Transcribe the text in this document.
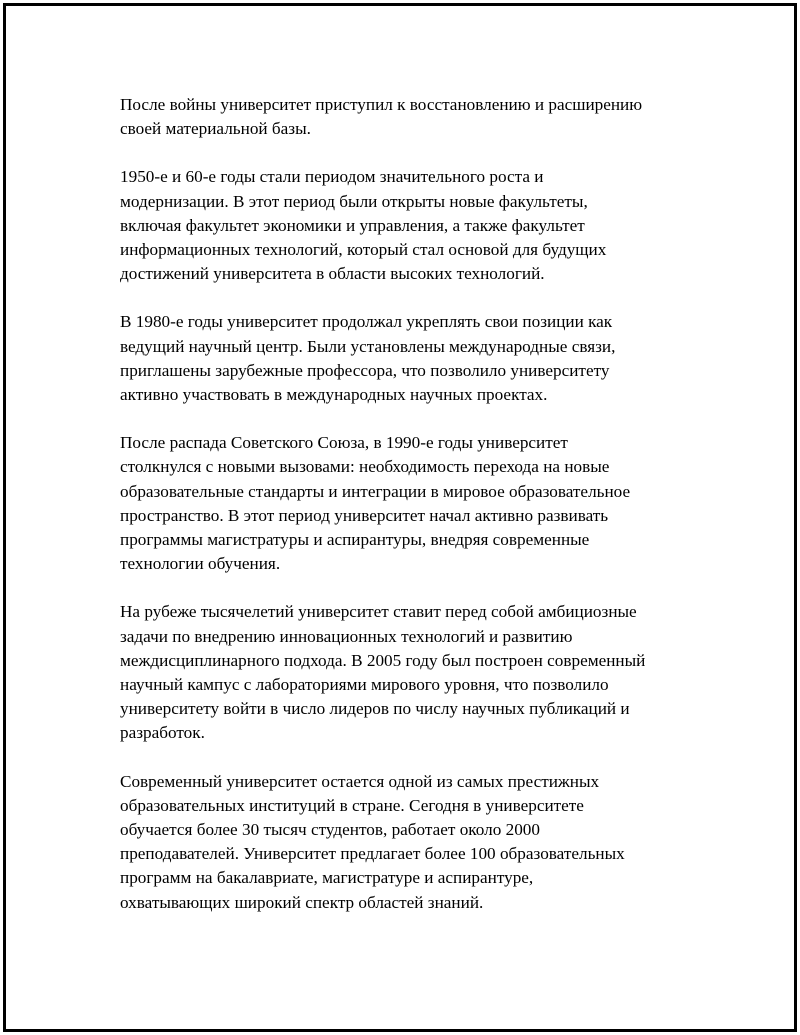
После войны университет приступил к восстановлению и расширению
своей материальной базы.

1950-е и 60-е годы стали периодом значительного роста и
модернизации. В этот период были открыты новые факультеты,
включая факультет экономики и управления, а также факультет
информационных технологий, который стал основой для будущих
достижений университета в области высоких технологий.

В 1980-е годы университет продолжал укреплять свои позиции как
ведущий научный центр. Были установлены международные связи,
приглашены зарубежные профессора, что позволило университету
активно участвовать в международных научных проектах.

После распада Советского Союза, в 1990-е годы университет
столкнулся с новыми вызовами: необходимость перехода на новые
образовательные стандарты и интеграции в мировое образовательное
пространство. В этот период университет начал активно развивать
программы магистратуры и аспирантуры, внедряя современные
технологии обучения.

На рубеже тысячелетий университет ставит перед собой амбициозные
задачи по внедрению инновационных технологий и развитию
междисциплинарного подхода. В 2005 году был построен современный
научный кампус с лабораториями мирового уровня, что позволило
университету войти в число лидеров по числу научных публикаций и
разработок.

Современный университет остается одной из самых престижных
образовательных институций в стране. Сегодня в университете
обучается более 30 тысяч студентов, работает около 2000
преподавателей. Университет предлагает более 100 образовательных
программ на бакалавриате, магистратуре и аспирантуре,
охватывающих широкий спектр областей знаний.
